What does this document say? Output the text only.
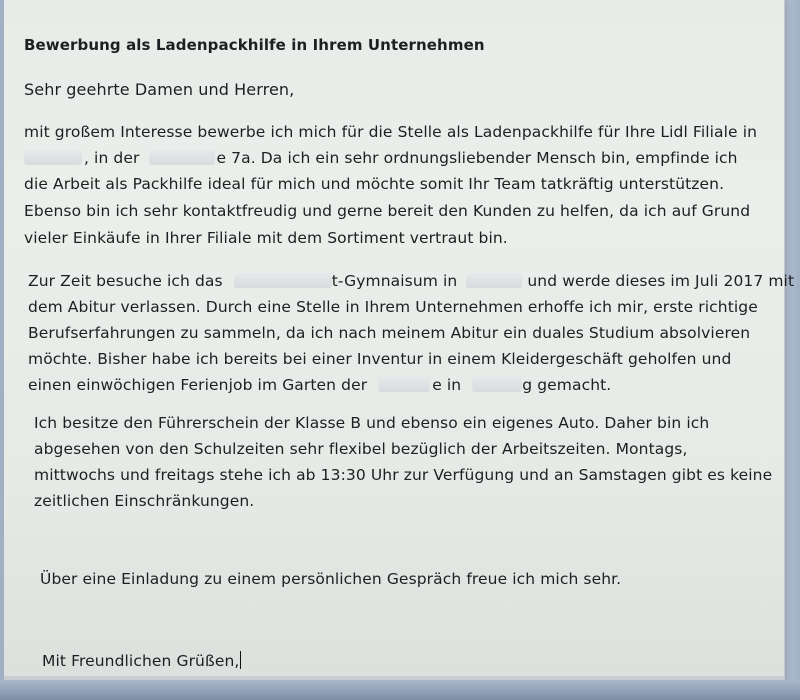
Bewerbung als Ladenpackhilfe in Ihrem Unternehmen
Sehr geehrte Damen und Herren,
mit großem Interesse bewerbe ich mich für die Stelle als Ladenpackhilfe für Ihre Lidl Filiale in
, in der	e 7a. Da ich ein sehr ordnungsliebender Mensch bin, empfinde ich
die Arbeit als Packhilfe ideal für mich und möchte somit Ihr Team tatkräftig unterstützen.
Ebenso bin ich sehr kontaktfreudig und gerne bereit den Kunden zu helfen, da ich auf Grund
vieler Einkäufe in Ihrer Filiale mit dem Sortiment vertraut bin.
Zur Zeit besuche ich das	t-Gymnaisum in	und werde dieses im Juli 2017 mit
dem Abitur verlassen. Durch eine Stelle in Ihrem Unternehmen erhoffe ich mir, erste richtige
Berufserfahrungen zu sammeln, da ich nach meinem Abitur ein duales Studium absolvieren
möchte. Bisher habe ich bereits bei einer Inventur in einem Kleidergeschäft geholfen und
einen einwöchigen Ferienjob im Garten der	e in	g gemacht.
Ich besitze den Führerschein der Klasse B und ebenso ein eigenes Auto. Daher bin ich
abgesehen von den Schulzeiten sehr flexibel bezüglich der Arbeitszeiten. Montags,
mittwochs und freitags stehe ich ab 13:30 Uhr zur Verfügung und an Samstagen gibt es keine
zeitlichen Einschränkungen.
Über eine Einladung zu einem persönlichen Gespräch freue ich mich sehr.
Mit Freundlichen Grüßen,
